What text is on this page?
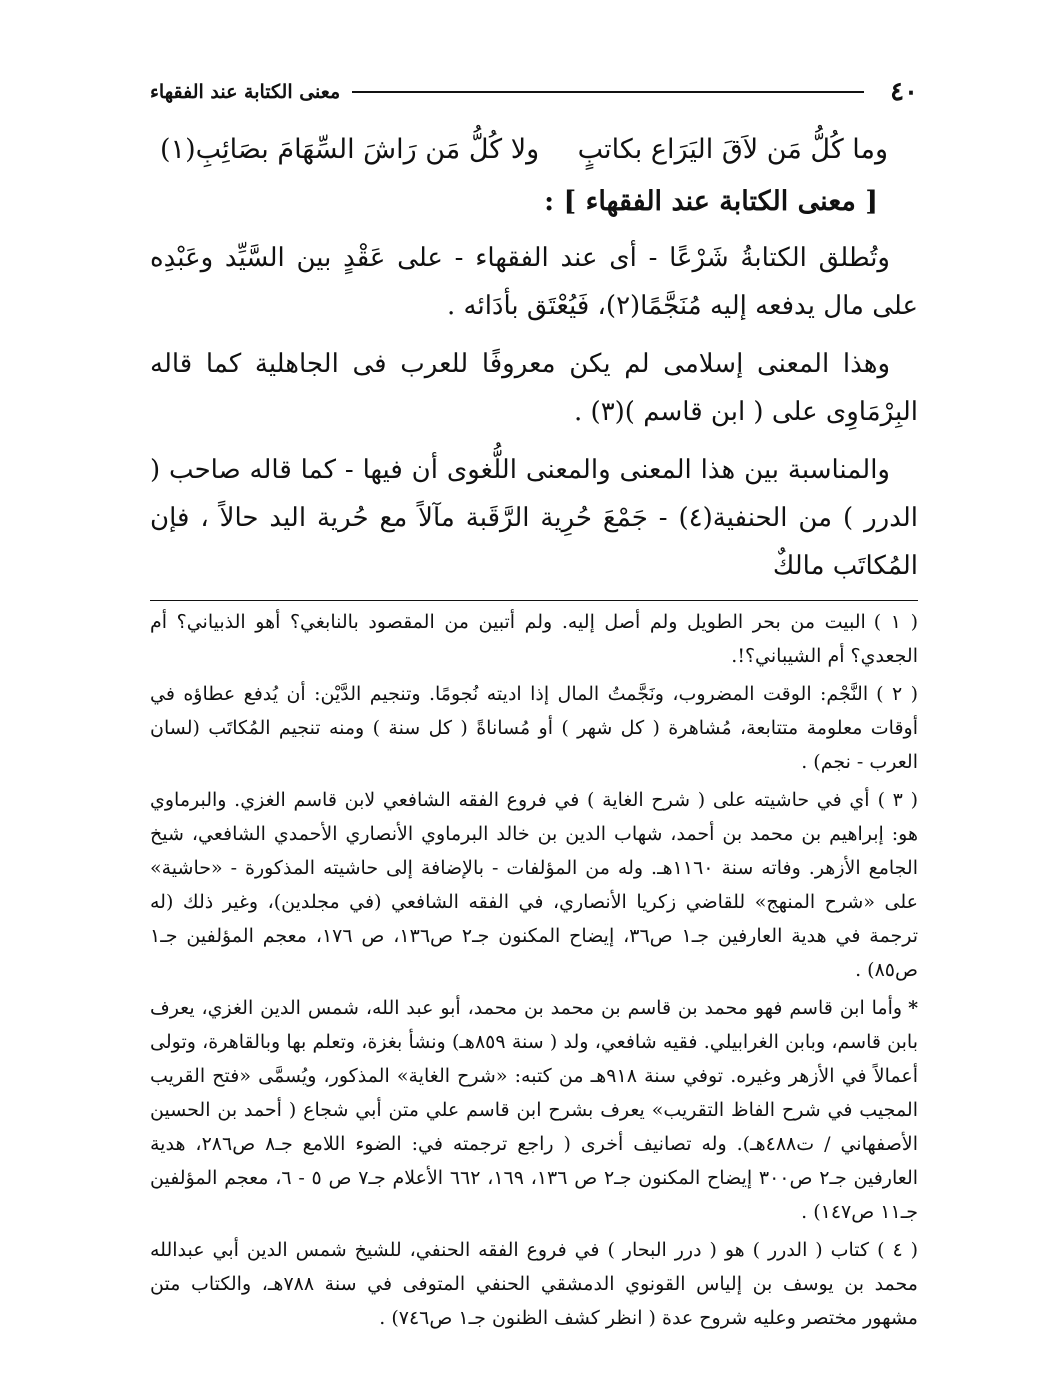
٤٠
معنى الكتابة عند الفقهاء
وما كُلُّ مَن لاَقَ اليَرَاع بكاتبٍ
ولا كُلُّ مَن رَاشَ السِّهَامَ بصَائِبِ(١)
[ معنى الكتابة عند الفقهاء ] :

وتُطلق الكتابةُ شَرْعًا - أى عند الفقهاء - على عَقْدٍ بين السَّيِّد وعَبْدِه على مال يدفعه إليه مُنَجَّمًا(٢)، فَيُعْتَق بأدَائه .

وهذا المعنى إسلامى لم يكن معروفًا للعرب فى الجاهلية كما قاله البِرْمَاوِى على ( ابن قاسم )(٣) .

والمناسبة بين هذا المعنى والمعنى اللُّغوى أن فيها - كما قاله صاحب ( الدرر ) من الحنفية(٤) - جَمْعَ حُرِية الرَّقَبة مآلاً مع حُرية اليد حالاً ، فإن المُكاتَب مالكٌ

( ١ )البيت من بحر الطويل ولم أصل إليه. ولم أتبين من المقصود بالنابغي؟ أهو الذبياني؟ أم الجعدي؟ أم الشيباني؟!.

( ٢ )النَّجْم: الوقت المضروب، ونَجَّمتُ المال إذا اديته نُجومًا. وتنجيم الدَّيْن: أن يُدفع عطاؤه في أوقات معلومة متتابعة، مُشاهرة ( كل شهر ) أو مُساناةً ( كل سنة ) ومنه تنجيم المُكاتَب (لسان العرب - نجم) .

( ٣ )أي في حاشيته على ( شرح الغاية ) في فروع الفقه الشافعي لابن قاسم الغزي. والبرماوي هو: إبراهيم بن محمد بن أحمد، شهاب الدين بن خالد البرماوي الأنصاري الأحمدي الشافعي، شيخ الجامع الأزهر. وفاته سنة ١١٦٠هـ. وله من المؤلفات - بالإضافة إلى حاشيته المذكورة - «حاشية» على «شرح المنهج» للقاضي زكريا الأنصاري، في الفقه الشافعي (في مجلدين)، وغير ذلك (له ترجمة في هدية العارفين جـ١ ص٣٦، إيضاح المكنون جـ٢ ص١٣٦، ص ١٧٦، معجم المؤلفين جـ١ ص٨٥) .

*وأما ابن قاسم فهو محمد بن قاسم بن محمد بن محمد، أبو عبد الله، شمس الدين الغزي، يعرف بابن قاسم، وبابن الغرابيلي. فقيه شافعي، ولد ( سنة ٨٥٩هـ) ونشأ بغزة، وتعلم بها وبالقاهرة، وتولى أعمالاً في الأزهر وغيره. توفي سنة ٩١٨هـ من كتبه: «شرح الغاية» المذكور، ويُسمَّى «فتح القريب المجيب في شرح الفاظ التقريب» يعرف بشرح ابن قاسم علي متن أبي شجاع ( أحمد بن الحسين الأصفهاني / ت٤٨٨هـ). وله تصانيف أخرى ( راجع ترجمته في: الضوء اللامع جـ٨ ص٢٨٦، هدية العارفين جـ٢ ص٣٠٠ إيضاح المكنون جـ٢ ص ١٣٦، ١٦٩، ٦٦٢ الأعلام جـ٧ ص ٥ - ٦، معجم المؤلفين جـ١١ ص١٤٧) .

( ٤ )كتاب ( الدرر ) هو ( درر البحار ) في فروع الفقه الحنفي، للشيخ شمس الدين أبي عبدالله محمد بن يوسف بن إلياس القونوي الدمشقي الحنفي المتوفى في سنة ٧٨٨هـ، والكتاب متن مشهور مختصر وعليه شروح عدة ( انظر كشف الظنون جـ١ ص٧٤٦) .
